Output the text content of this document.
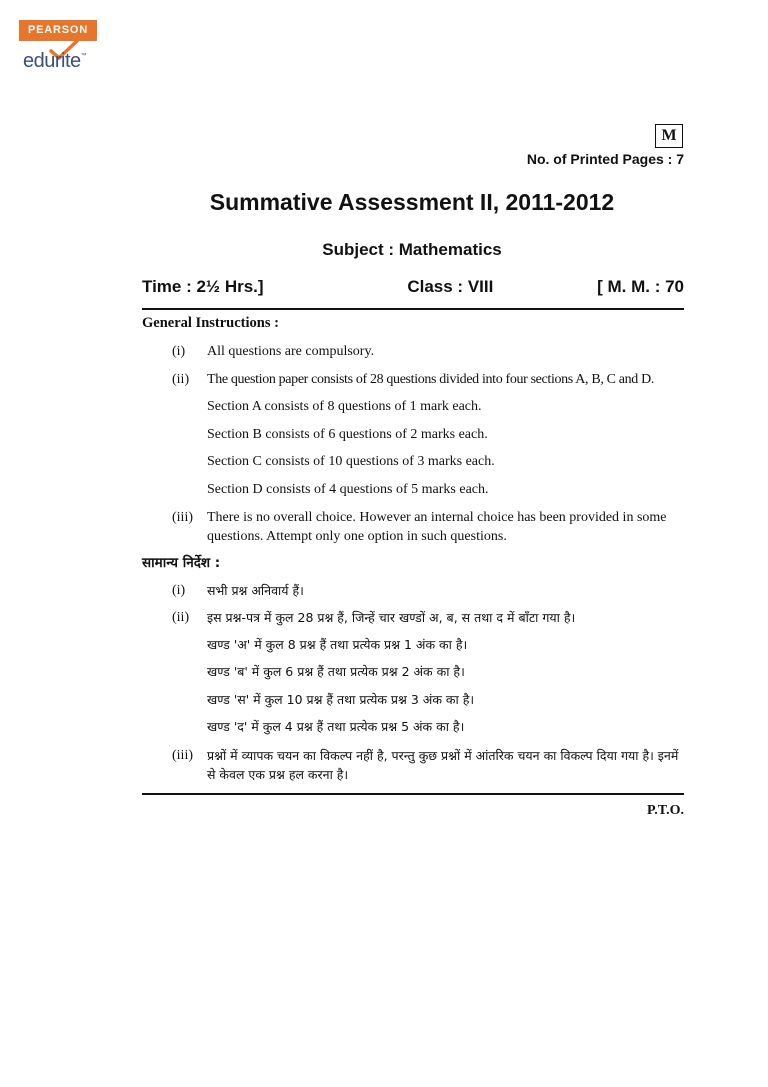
PEARSON
edurite™
M
No. of Printed Pages : 7
Summative Assessment II, 2011-2012
Subject : Mathematics
Time : 2½ Hrs.]	Class : VIII	[ M. M. : 70
General Instructions :
(i) All questions are compulsory.
(ii) The question paper consists of 28 questions divided into four sections A, B, C and D.
Section A consists of 8 questions of 1 mark each.
Section B consists of 6 questions of 2 marks each.
Section C consists of 10 questions of 3 marks each.
Section D consists of 4 questions of 5 marks each.
(iii) There is no overall choice. However an internal choice has been provided in some questions. Attempt only one option in such questions.
सामान्य निर्देश :
(i) सभी प्रश्न अनिवार्य हैं।
(ii) इस प्रश्न-पत्र में कुल 28 प्रश्न हैं, जिन्हें चार खण्डों अ, ब, स तथा द में बाँटा गया है।
खण्ड 'अ' में कुल 8 प्रश्न हैं तथा प्रत्येक प्रश्न 1 अंक का है।
खण्ड 'ब' में कुल 6 प्रश्न हैं तथा प्रत्येक प्रश्न 2 अंक का है।
खण्ड 'स' में कुल 10 प्रश्न हैं तथा प्रत्येक प्रश्न 3 अंक का है।
खण्ड 'द' में कुल 4 प्रश्न हैं तथा प्रत्येक प्रश्न 5 अंक का है।
(iii) प्रश्नों में व्यापक चयन का विकल्प नहीं है, परन्तु कुछ प्रश्नों में आंतरिक चयन का विकल्प दिया गया है। इनमें से केवल एक प्रश्न हल करना है।
P.T.O.
